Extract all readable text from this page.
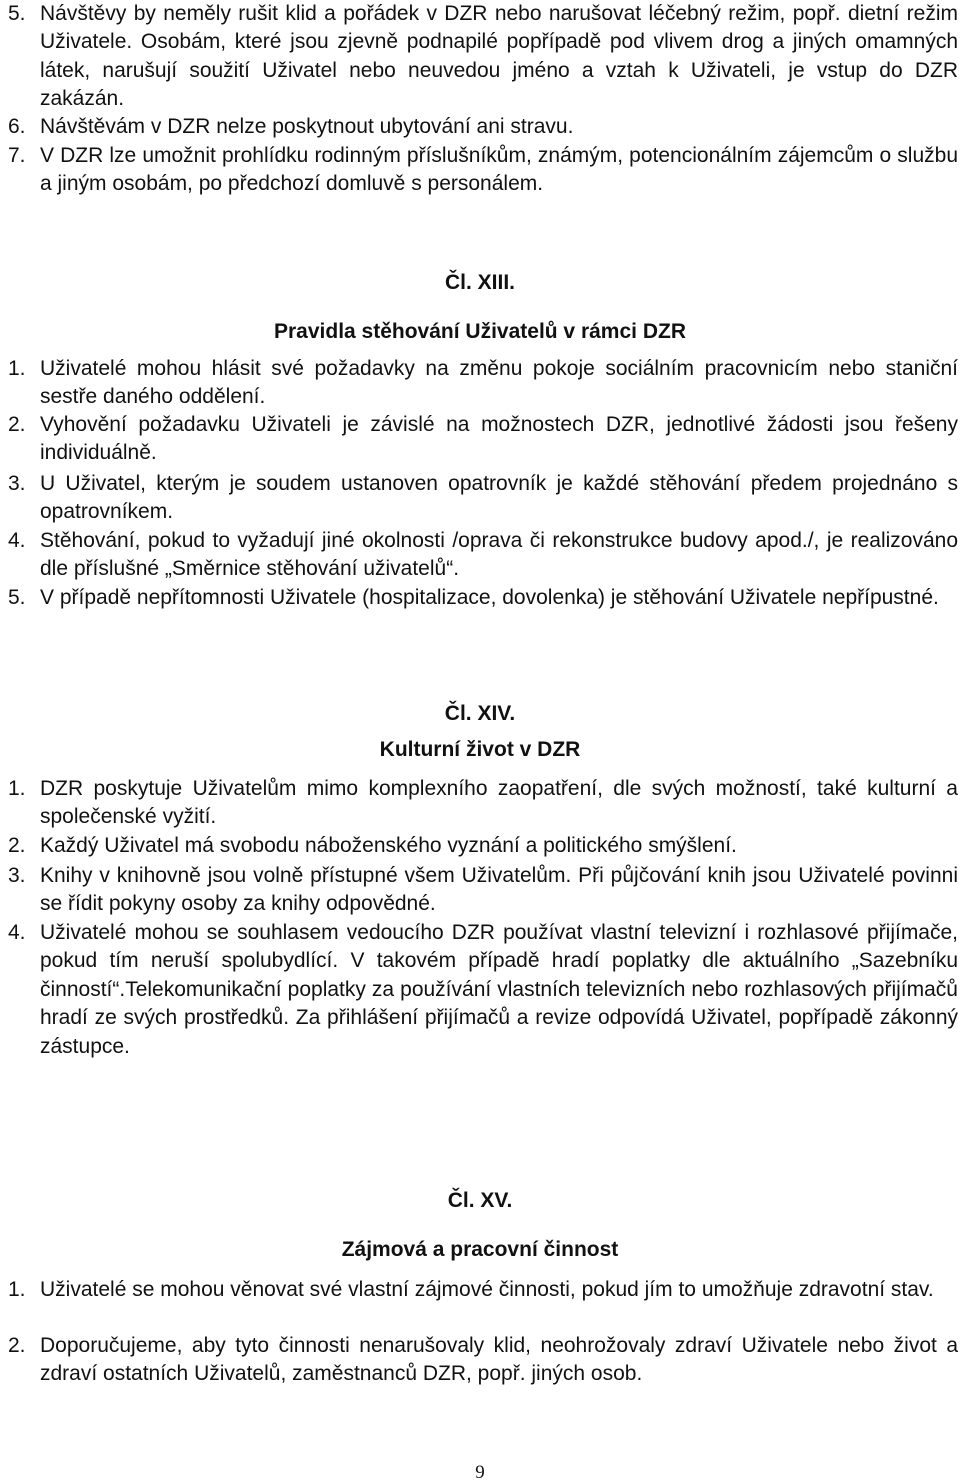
5. Návštěvy by neměly rušit klid a pořádek v DZR nebo narušovat léčebný režim, popř. dietní režim Uživatele. Osobám, které jsou zjevně podnapilé popřípadě pod vlivem drog a jiných omamných látek, narušují soužití Uživatel nebo neuvedou jméno a vztah k Uživateli, je vstup do DZR zakázán.
6. Návštěvám v DZR nelze poskytnout ubytování ani stravu.
7. V DZR lze umožnit prohlídku rodinným příslušníkům, známým, potencionálním zájemcům o službu a jiným osobám, po předchozí domluvě s personálem.

Čl. XIII.

Pravidla stěhování Uživatelů v rámci DZR

1. Uživatelé mohou hlásit své požadavky na změnu pokoje sociálním pracovnicím nebo staniční sestře daného oddělení.
2. Vyhovění požadavku Uživateli je závislé na možnostech DZR, jednotlivé žádosti jsou řešeny individuálně.
3. U Uživatel, kterým je soudem ustanoven opatrovník je každé stěhování předem projednáno s opatrovníkem.
4. Stěhování, pokud to vyžadují jiné okolnosti /oprava či rekonstrukce budovy apod./, je realizováno dle příslušné „Směrnice stěhování uživatelů“.
5. V případě nepřítomnosti Uživatele (hospitalizace, dovolenka) je stěhování Uživatele nepřípustné.

Čl. XIV.

Kulturní život v DZR

1. DZR poskytuje Uživatelům mimo komplexního zaopatření, dle svých možností, také kulturní a společenské vyžití.
2. Každý Uživatel má svobodu náboženského vyznání a politického smýšlení.
3. Knihy v knihovně jsou volně přístupné všem Uživatelům. Při půjčování knih jsou Uživatelé povinni se řídit pokyny osoby za knihy odpovědné.
4. Uživatelé mohou se souhlasem vedoucího DZR používat vlastní televizní i rozhlasové přijímače, pokud tím neruší spolubydlící. V takovém případě hradí poplatky dle aktuálního „Sazebníku činností“.Telekomunikační poplatky za používání vlastních televizních nebo rozhlasových přijímačů hradí ze svých prostředků. Za přihlášení přijímačů a revize odpovídá Uživatel, popřípadě zákonný zástupce.

Čl. XV.

Zájmová a pracovní činnost

1. Uživatelé se mohou věnovat své vlastní zájmové činnosti, pokud jím to umožňuje zdravotní stav.
2. Doporučujeme, aby tyto činnosti nenarušovaly klid, neohrožovaly zdraví Uživatele nebo život a zdraví ostatních Uživatelů, zaměstnanců DZR, popř. jiných osob.
9
